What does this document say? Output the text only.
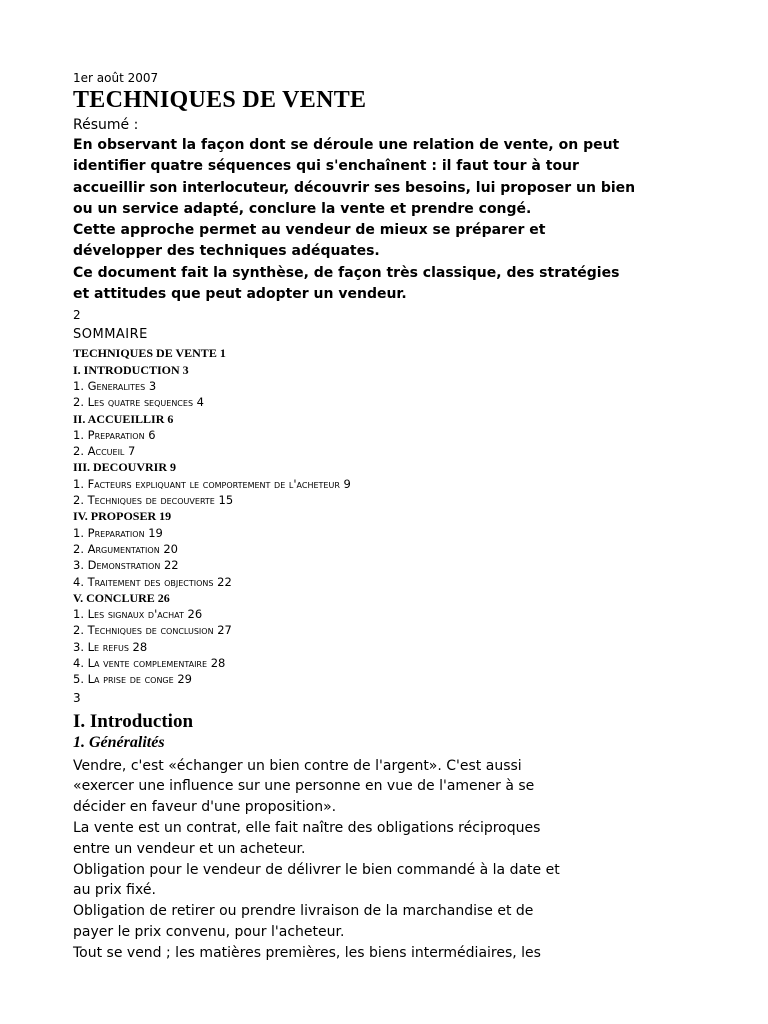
1er août 2007
TECHNIQUES DE VENTE
Résumé :
En observant la façon dont se déroule une relation de vente, on peut
identifier quatre séquences qui s'enchaînent : il faut tour à tour
accueillir son interlocuteur, découvrir ses besoins, lui proposer un bien
ou un service adapté, conclure la vente et prendre congé.
Cette approche permet au vendeur de mieux se préparer et
développer des techniques adéquates.
Ce document fait la synthèse, de façon très classique, des stratégies
et attitudes que peut adopter un vendeur.
2
SOMMAIRE
TECHNIQUES DE VENTE 1
I. INTRODUCTION 3
1. Generalites 3
2. Les quatre sequences 4
II. ACCUEILLIR 6
1. Preparation 6
2. Accueil 7
III. DECOUVRIR 9
1. Facteurs expliquant le comportement de l'acheteur 9
2. Techniques de decouverte 15
IV. PROPOSER 19
1. Preparation 19
2. Argumentation 20
3. Demonstration 22
4. Traitement des objections 22
V. CONCLURE 26
1. Les signaux d'achat 26
2. Techniques de conclusion 27
3. Le refus 28
4. La vente complementaire 28
5. La prise de conge 29
3
I. Introduction
1. Généralités
Vendre, c'est «échanger un bien contre de l'argent». C'est aussi
«exercer une influence sur une personne en vue de l'amener à se
décider en faveur d'une proposition».
La vente est un contrat, elle fait naître des obligations réciproques
entre un vendeur et un acheteur.
Obligation pour le vendeur de délivrer le bien commandé à la date et
au prix fixé.
Obligation de retirer ou prendre livraison de la marchandise et de
payer le prix convenu, pour l'acheteur.
Tout se vend ; les matières premières, les biens intermédiaires, les
